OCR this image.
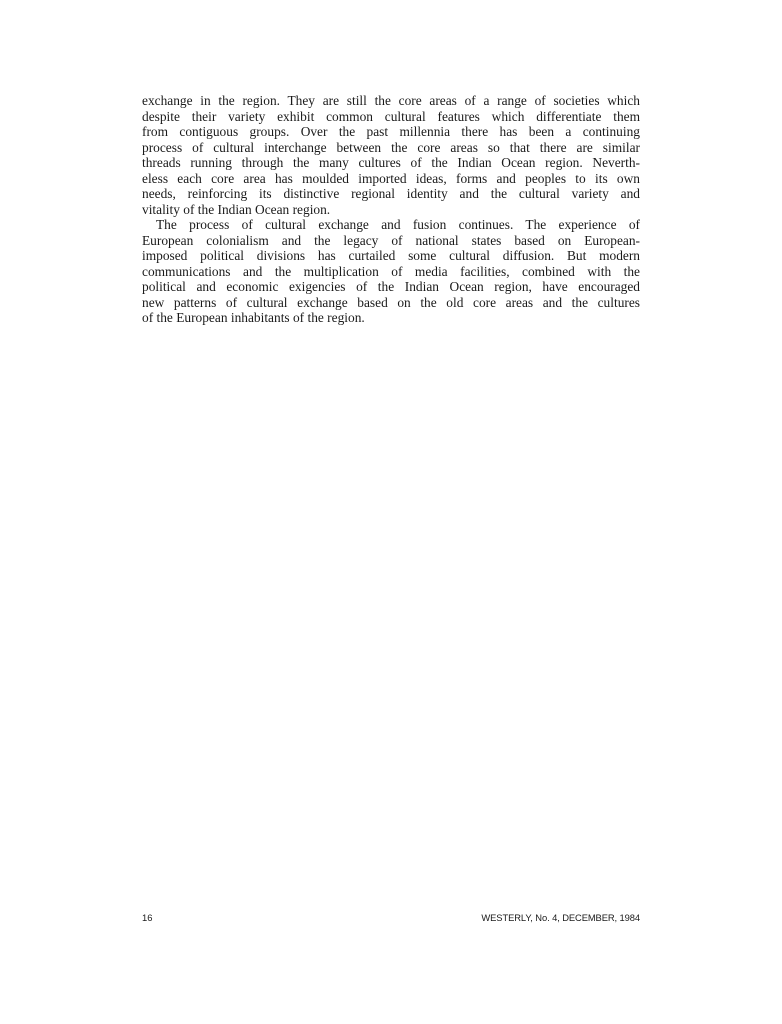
exchange in the region. They are still the core areas of a range of societies which
despite their variety exhibit common cultural features which differentiate them
from contiguous groups. Over the past millennia there has been a continuing
process of cultural interchange between the core areas so that there are similar
threads running through the many cultures of the Indian Ocean region. Neverth-
eless each core area has moulded imported ideas, forms and peoples to its own
needs, reinforcing its distinctive regional identity and the cultural variety and
vitality of the Indian Ocean region.
The process of cultural exchange and fusion continues. The experience of
European colonialism and the legacy of national states based on European-
imposed political divisions has curtailed some cultural diffusion. But modern
communications and the multiplication of media facilities, combined with the
political and economic exigencies of the Indian Ocean region, have encouraged
new patterns of cultural exchange based on the old core areas and the cultures
of the European inhabitants of the region.
16	WESTERLY, No. 4, DECEMBER, 1984
